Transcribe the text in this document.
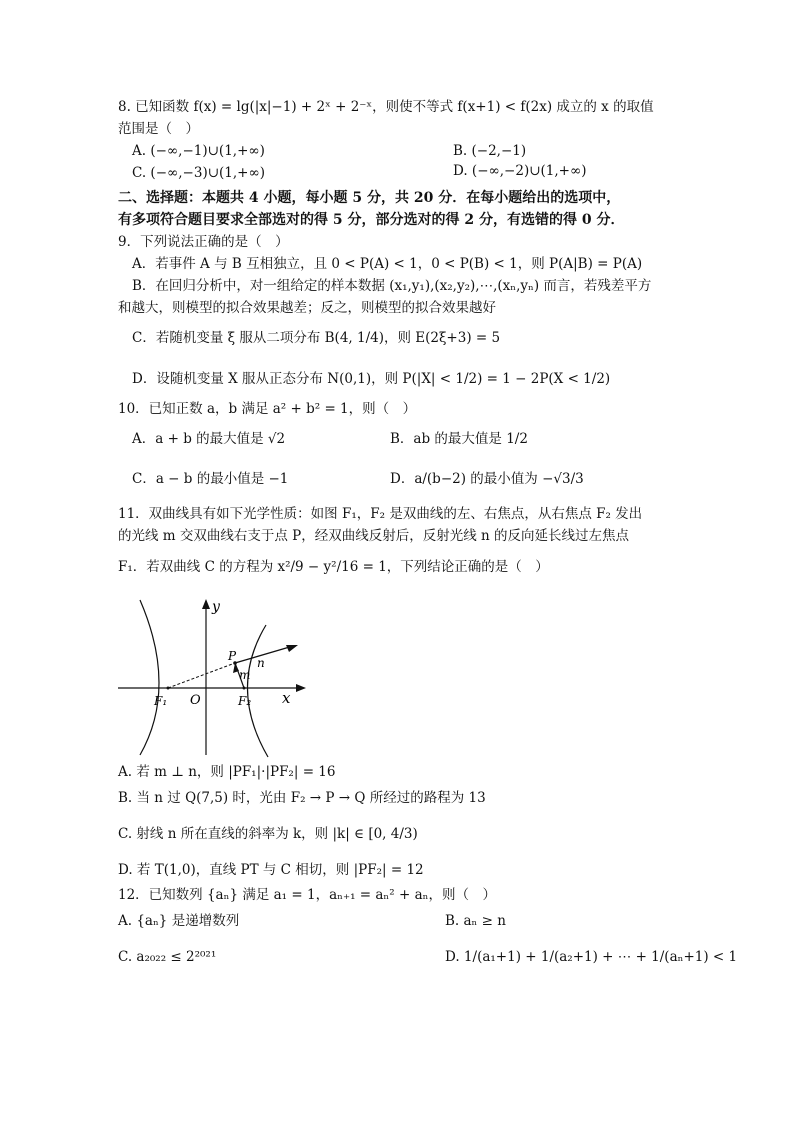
8. 已知函数 f(x) = lg(|x|−1) + 2ˣ + 2⁻ˣ，则使不等式 f(x+1) < f(2x) 成立的 x 的取值
范围是（　）
A. (−∞,−1)∪(1,+∞)	B. (−2,−1)
C. (−∞,−3)∪(1,+∞)	D. (−∞,−2)∪(1,+∞)
二、选择题：本题共 4 小题，每小题 5 分，共 20 分．在每小题给出的选项中，
有多项符合题目要求全部选对的得 5 分，部分选对的得 2 分，有选错的得 0 分．
9．下列说法正确的是（　）
A．若事件 A 与 B 互相独立，且 0 < P(A) < 1，0 < P(B) < 1，则 P(A|B) = P(A)
B．在回归分析中，对一组给定的样本数据 (x₁,y₁),(x₂,y₂),⋯,(xₙ,yₙ) 而言，若残差平方
和越大，则模型的拟合效果越差；反之，则模型的拟合效果越好
C．若随机变量 ξ 服从二项分布 B(4, 1/4)，则 E(2ξ+3) = 5
D．设随机变量 X 服从正态分布 N(0,1)，则 P(|X| < 1/2) = 1 − 2P(X < 1/2)
10．已知正数 a，b 满足 a² + b² = 1，则（　）
A．a + b 的最大值是 √2	B．ab 的最大值是 1/2
C．a − b 的最小值是 −1	D．a/(b−2) 的最小值为 −√3/3
11．双曲线具有如下光学性质：如图 F₁，F₂ 是双曲线的左、右焦点，从右焦点 F₂ 发出
的光线 m 交双曲线右支于点 P，经双曲线反射后，反射光线 n 的反向延长线过左焦点
F₁．若双曲线 C 的方程为 x²/9 − y²/16 = 1，下列结论正确的是（　）
y
x
O
P n
m
F₁	F₂
A. 若 m ⊥ n，则 |PF₁|·|PF₂| = 16
B. 当 n 过 Q(7,5) 时，光由 F₂ → P → Q 所经过的路程为 13
C. 射线 n 所在直线的斜率为 k，则 |k| ∈ [0, 4/3)
D. 若 T(1,0)，直线 PT 与 C 相切，则 |PF₂| = 12
12．已知数列 {aₙ} 满足 a₁ = 1，aₙ₊₁ = aₙ² + aₙ，则（　）
A. {aₙ} 是递增数列	B. aₙ ≥ n
C. a₂₀₂₂ ≤ 2²⁰²¹	D. 1/(a₁+1) + 1/(a₂+1) + ⋯ + 1/(aₙ+1) < 1
